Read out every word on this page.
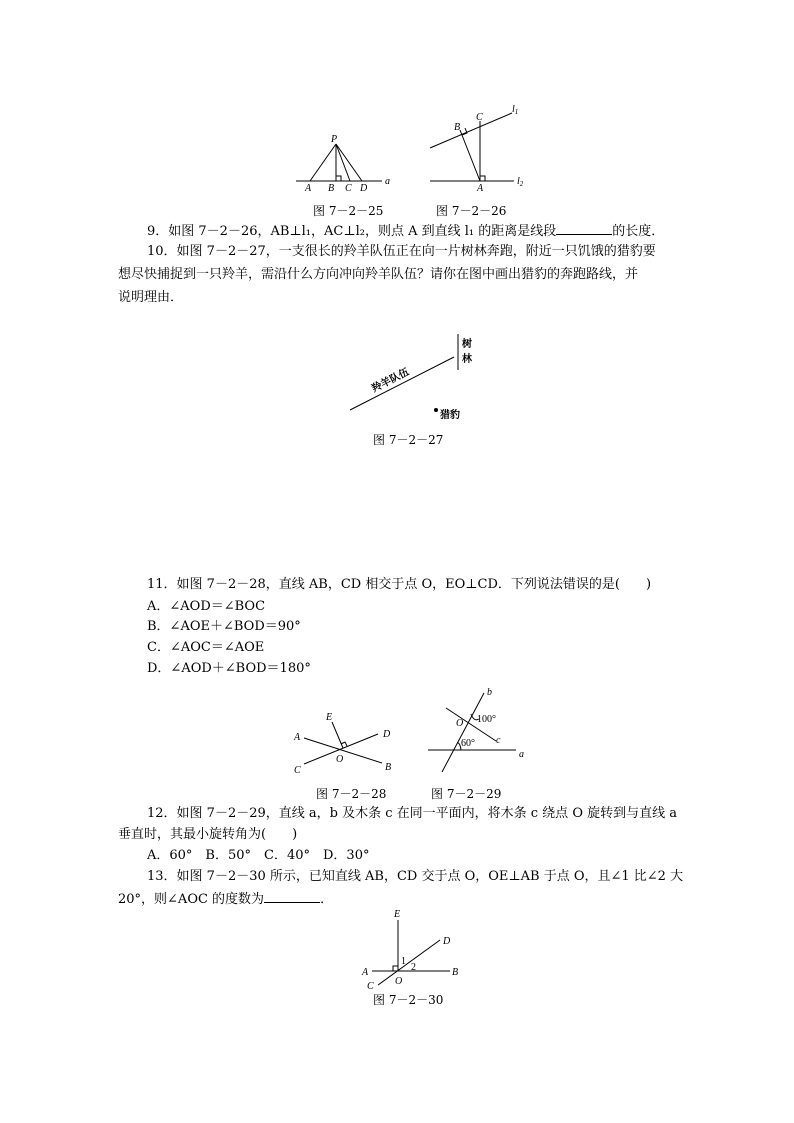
P
A B C D
a
B
C
A
$l_1$
$l_2$
图 7－2－25	图 7－2－26
9．如图 7－2－26，AB⊥l₁，AC⊥l₂，则点 A 到直线 l₁ 的距离是线段	的长度．
10．如图 7－2－27，一支很长的羚羊队伍正在向一片树林奔跑，附近一只饥饿的猎豹要
想尽快捕捉到一只羚羊，需沿什么方向冲向羚羊队伍？请你在图中画出猎豹的奔跑路线，并
说明理由．
羚羊队伍
树
林
猎豹
图 7－2－27
11．如图 7－2－28，直线 AB，CD 相交于点 O，EO⊥CD．下列说法错误的是(　　)
A．∠AOD＝∠BOC
B．∠AOE＋∠BOD＝90°
C．∠AOC＝∠AOE
D．∠AOD＋∠BOD＝180°
E
A	D
O
C	B
b
O 100°
60° c
a
图 7－2－28	图 7－2－29
12．如图 7－2－29，直线 a，b 及木条 c 在同一平面内，将木条 c 绕点 O 旋转到与直线 a
垂直时，其最小旋转角为(　　)
A．60°　B．50°　C．40°　D．30°
13．如图 7－2－30 所示，已知直线 AB，CD 交于点 O，OE⊥AB 于点 O，且∠1 比∠2 大
20°，则∠AOC 的度数为	．
E
D
A
1
2	B
O
C
图 7－2－30
